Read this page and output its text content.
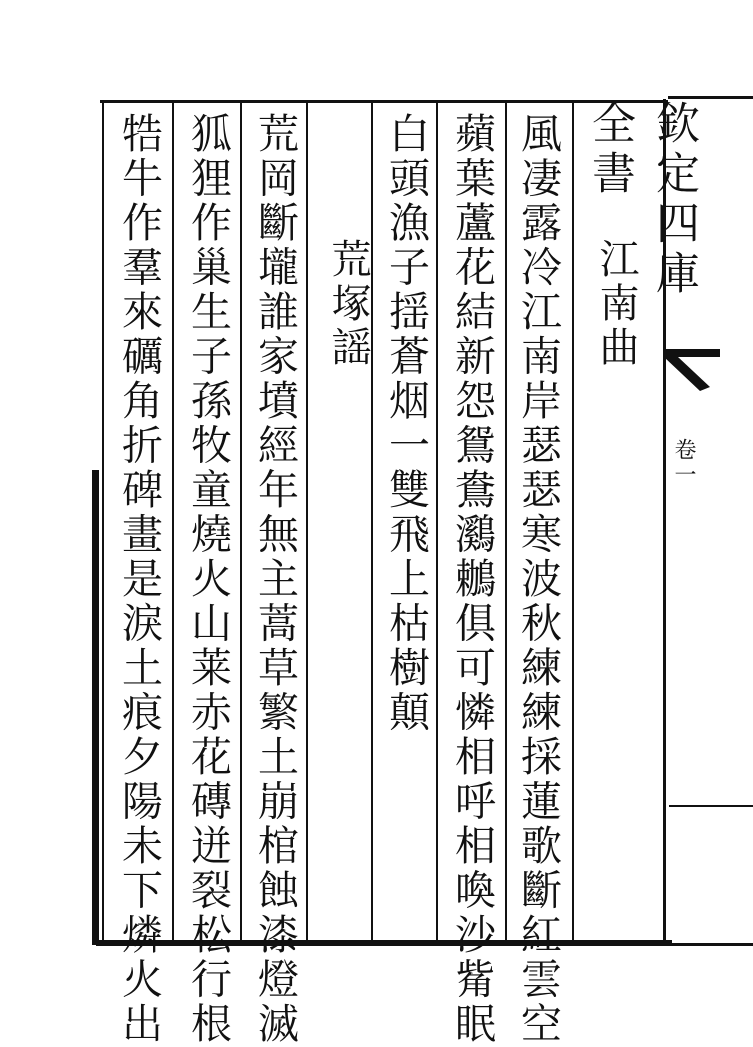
欽定四庫全書
卷一
江南曲
風凄露冷江南岸瑟瑟寒波秋練練採蓮歌斷紅雲空
蘋葉蘆花結新怨鴛鴦鸂鶒俱可憐相呼相喚沙觜眠
白頭漁子揺蒼烟一雙飛上枯樹顛
荒塚謡
荒岡斷壠誰家墳經年無主蒿草繁土崩棺蝕漆燈滅
狐狸作巢生子孫牧童燒火山莱赤花磚迸裂松行根
牿牛作羣來礪角折碑畫是淚土痕夕陽未下燐火出
